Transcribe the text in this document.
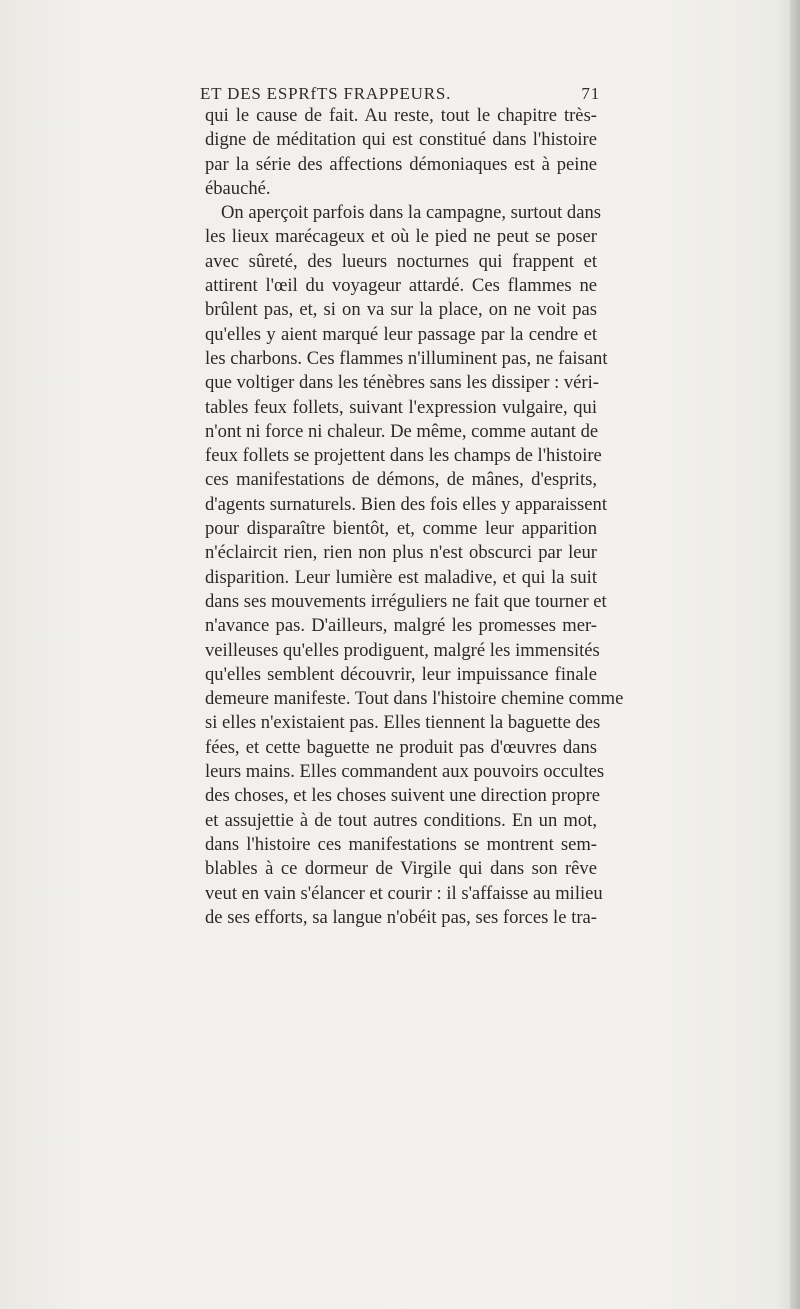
ET DES ESPRfTS FRAPPEURS.	71
qui le cause de fait. Au reste, tout le chapitre très-
digne de méditation qui est constitué dans l'histoire
par la série des affections démoniaques est à peine
ébauché.
On aperçoit parfois dans la campagne, surtout dans
les lieux marécageux et où le pied ne peut se poser
avec sûreté, des lueurs nocturnes qui frappent et
attirent l'œil du voyageur attardé. Ces flammes ne
brûlent pas, et, si on va sur la place, on ne voit pas
qu'elles y aient marqué leur passage par la cendre et
les charbons. Ces flammes n'illuminent pas, ne faisant
que voltiger dans les ténèbres sans les dissiper : véri-
tables feux follets, suivant l'expression vulgaire, qui
n'ont ni force ni chaleur. De même, comme autant de
feux follets se projettent dans les champs de l'histoire
ces manifestations de démons, de mânes, d'esprits,
d'agents surnaturels. Bien des fois elles y apparaissent
pour disparaître bientôt, et, comme leur apparition
n'éclaircit rien, rien non plus n'est obscurci par leur
disparition. Leur lumière est maladive, et qui la suit
dans ses mouvements irréguliers ne fait que tourner et
n'avance pas. D'ailleurs, malgré les promesses mer-
veilleuses qu'elles prodiguent, malgré les immensités
qu'elles semblent découvrir, leur impuissance finale
demeure manifeste. Tout dans l'histoire chemine comme
si elles n'existaient pas. Elles tiennent la baguette des
fées, et cette baguette ne produit pas d'œuvres dans
leurs mains. Elles commandent aux pouvoirs occultes
des choses, et les choses suivent une direction propre
et assujettie à de tout autres conditions. En un mot,
dans l'histoire ces manifestations se montrent sem-
blables à ce dormeur de Virgile qui dans son rêve
veut en vain s'élancer et courir : il s'affaisse au milieu
de ses efforts, sa langue n'obéit pas, ses forces le tra-
